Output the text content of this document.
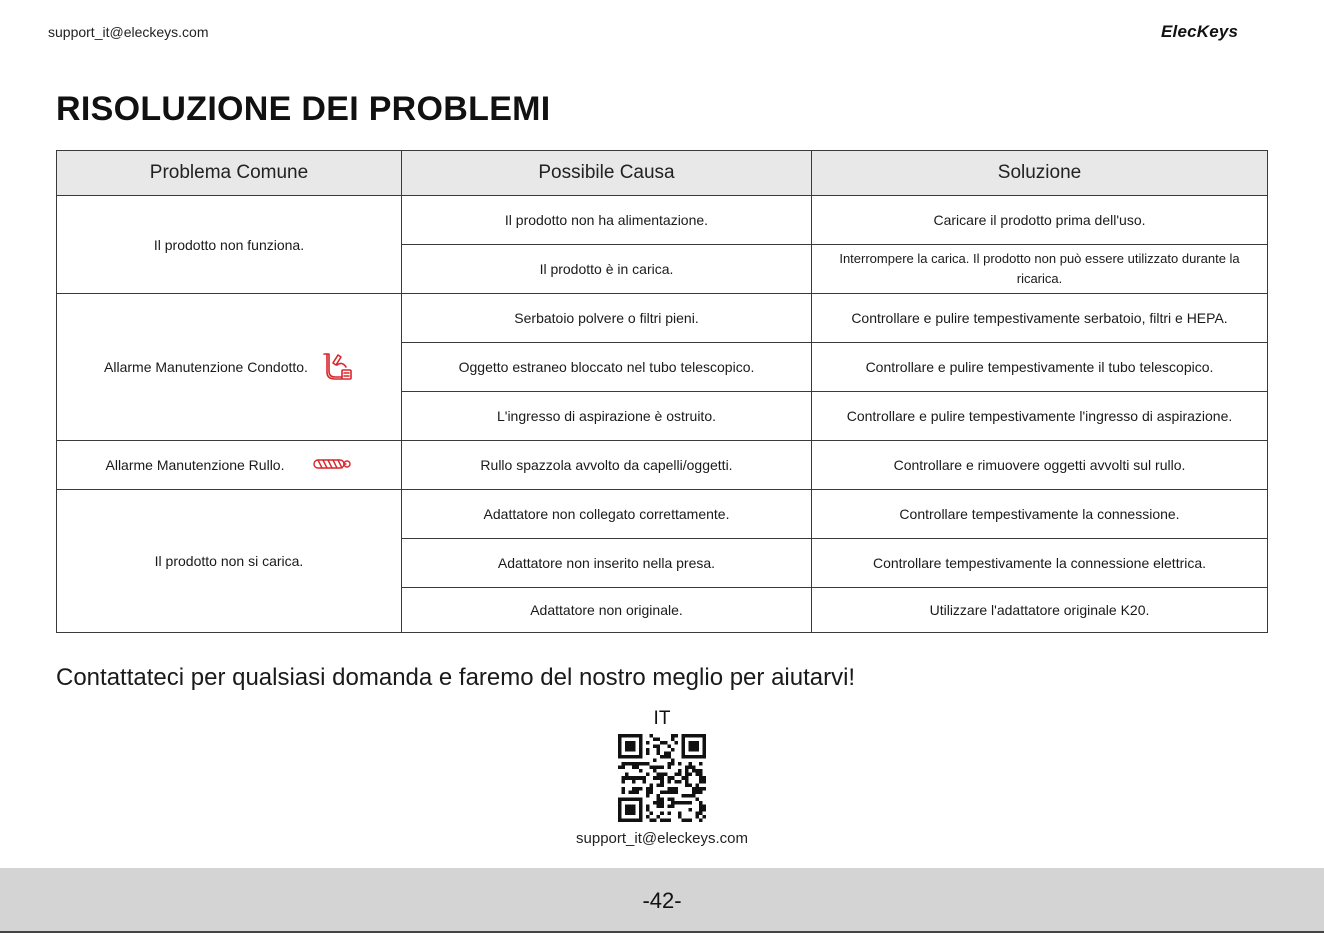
support_it@eleckeys.com	ElecKeys
RISOLUZIONE DEI PROBLEMI
Problema Comune	Possibile Causa	Soluzione
Il prodotto non funziona.	Il prodotto non ha alimentazione.	Caricare il prodotto prima dell'uso.
	Il prodotto è in carica.	Interrompere la carica. Il prodotto non può essere utilizzato durante la ricarica.

Allarme Manutenzione Condotto.	Serbatoio polvere o filtri pieni.	Controllare e pulire tempestivamente serbatoio, filtri e HEPA.
	Oggetto estraneo bloccato nel tubo telescopico.	Controllare e pulire tempestivamente il tubo telescopico.
	L'ingresso di aspirazione è ostruito.	Controllare e pulire tempestivamente l'ingresso di aspirazione.

Allarme Manutenzione Rullo.	Rullo spazzola avvolto da capelli/oggetti.	Controllare e rimuovere oggetti avvolti sul rullo.
Il prodotto non si carica.	Adattatore non collegato correttamente.	Controllare tempestivamente la connessione.
	Adattatore non inserito nella presa.	Controllare tempestivamente la connessione elettrica.
	Adattatore non originale.	Utilizzare l'adattatore originale K20.
Contattateci per qualsiasi domanda e faremo del nostro meglio per aiutarvi!
IT
support_it@eleckeys.com
-42-
